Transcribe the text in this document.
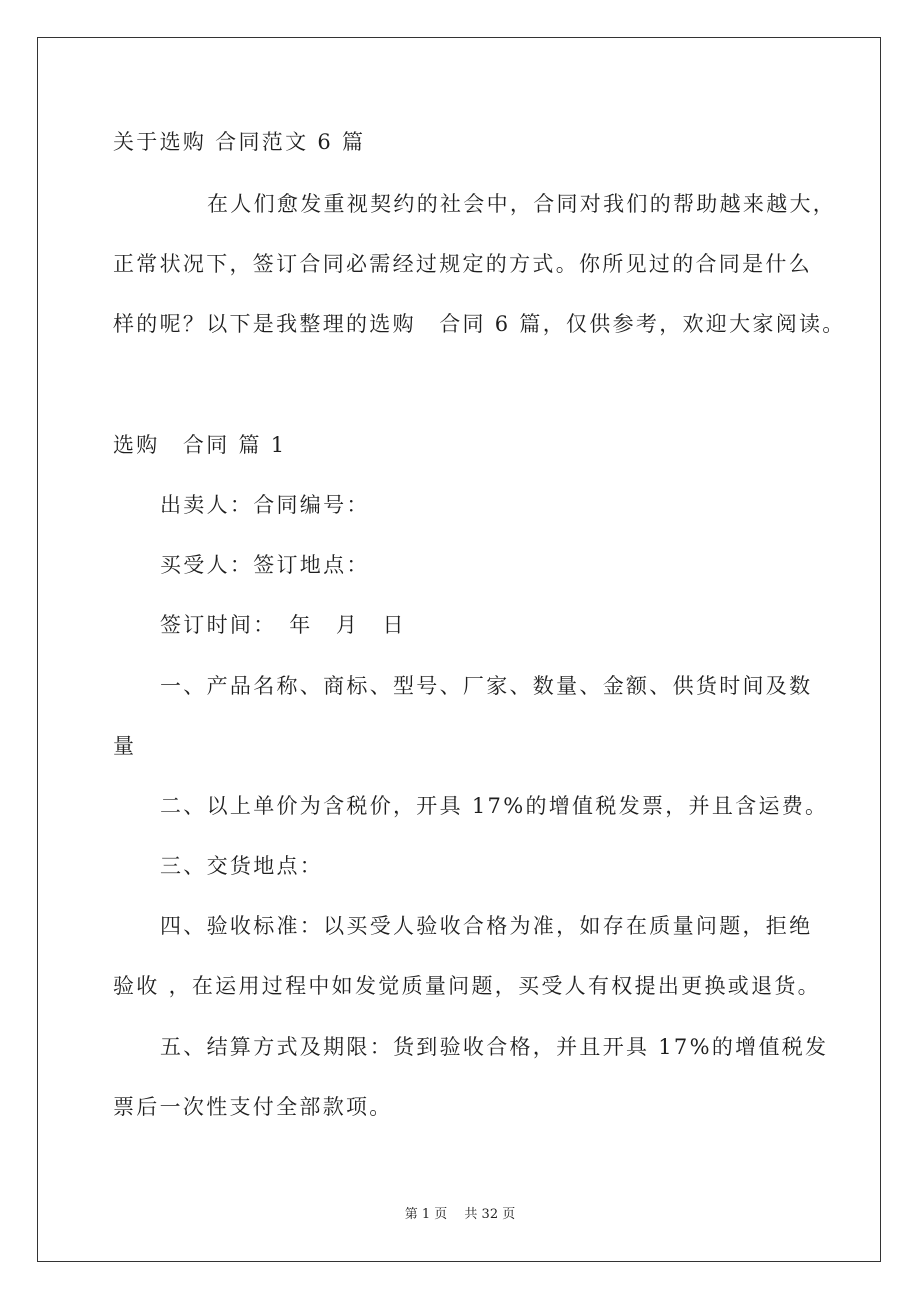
关于选购 合同范文 6 篇
在人们愈发重视契约的社会中，合同对我们的帮助越来越大，
正常状况下，签订合同必需经过规定的方式。你所见过的合同是什么
样的呢？以下是我整理的选购　合同 6 篇，仅供参考，欢迎大家阅读。
选购　合同 篇 1
出卖人：合同编号：
买受人：签订地点：
签订时间：　年　月　日
一、产品名称、商标、型号、厂家、数量、金额、供货时间及数
量
二、以上单价为含税价，开具 17%的增值税发票，并且含运费。
三、交货地点：
四、验收标准：以买受人验收合格为准，如存在质量问题，拒绝
验收 ，在运用过程中如发觉质量问题，买受人有权提出更换或退货。
五、结算方式及期限：货到验收合格，并且开具 17%的增值税发
票后一次性支付全部款项。
第 1 页　 共 32 页
